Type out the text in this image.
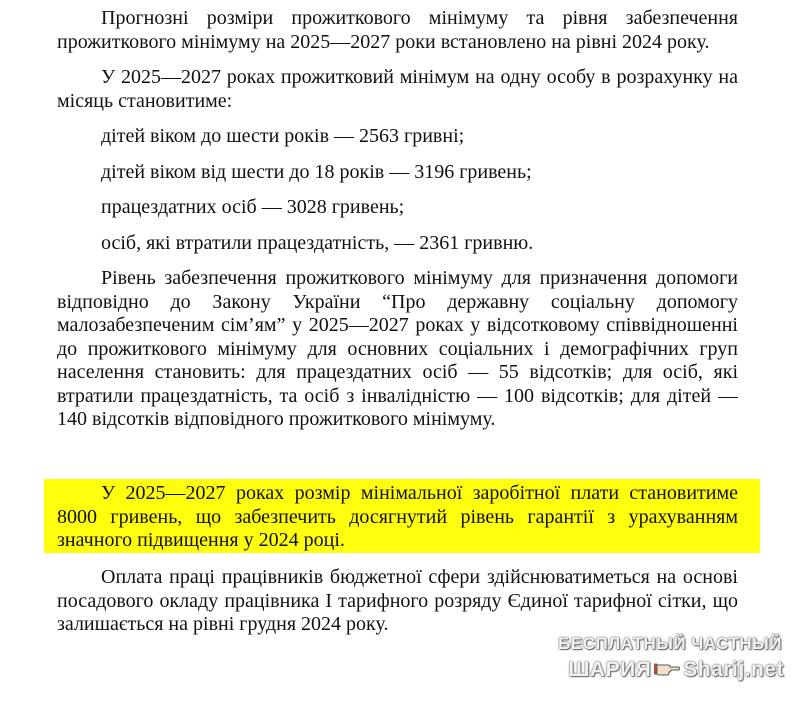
Прогнозні розміри прожиткового мінімуму та рівня забезпечення прожиткового мінімуму на 2025—2027 роки встановлено на рівні 2024 року.

У 2025—2027 роках прожитковий мінімум на одну особу в розрахунку на місяць становитиме:

дітей віком до шести років — 2563 гривні;

дітей віком від шести до 18 років — 3196 гривень;

працездатних осіб — 3028 гривень;

осіб, які втратили працездатність, — 2361 гривню.

Рівень забезпечення прожиткового мінімуму для призначення допомоги відповідно до Закону України “Про державну соціальну допомогу малозабезпеченим сім’ям” у 2025—2027 роках у відсотковому співвідношенні до прожиткового мінімуму для основних соціальних і демографічних груп населення становить: для працездатних осіб — 55 відсотків; для осіб, які втратили працездатність, та осіб з інвалідністю — 100 відсотків; для дітей — 140 відсотків відповідного прожиткового мінімуму.

У 2025—2027 роках розмір мінімальної заробітної плати становитиме 8000 гривень, що забезпечить досягнутий рівень гарантії з урахуванням значного підвищення у 2024 році.

Оплата праці працівників бюджетної сфери здійснюватиметься на основі посадового окладу працівника I тарифного розряду Єдиної тарифної сітки, що залишається на рівні грудня 2024 року.

БЕСПЛАТНЫЙ ЧАСТНЫЙ
ШАРИЯ Sharij.net
